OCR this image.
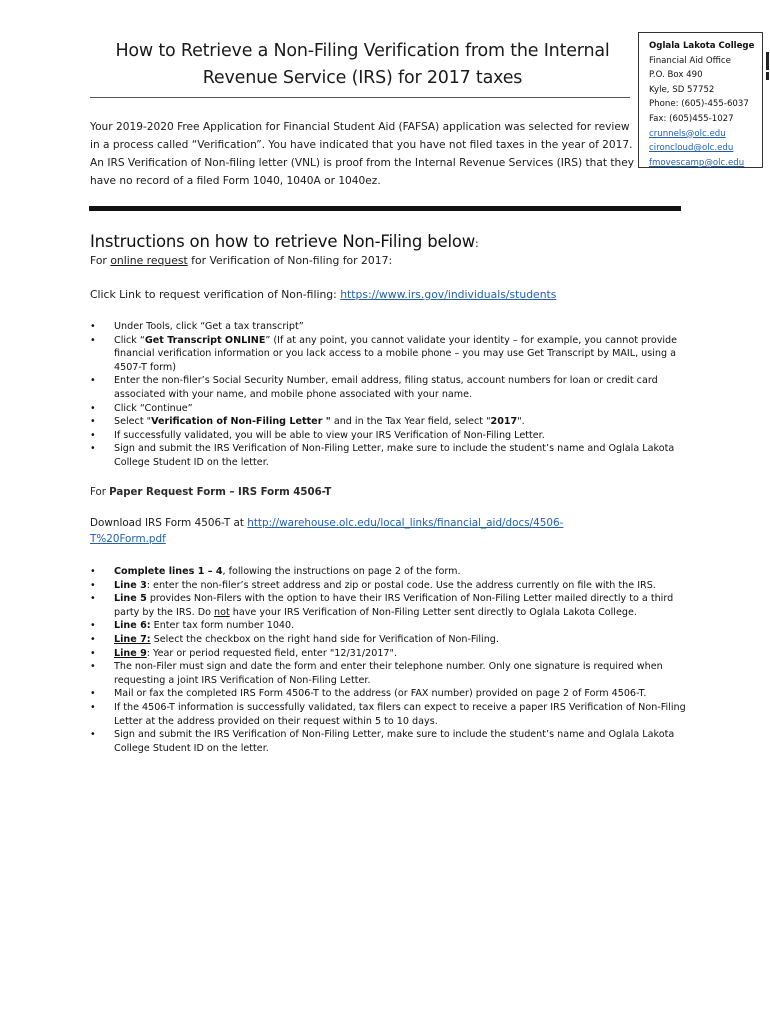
How to Retrieve a Non-Filing Verification from the Internal
Revenue Service (IRS) for 2017 taxes
Oglala Lakota College
Financial Aid Office
P.O. Box 490
Kyle, SD 57752
Phone: (605)-455-6037
Fax: (605)455-1027
crunnels@olc.edu
cironcloud@olc.edu
fmovescamp@olc.edu
Your 2019-2020 Free Application for Financial Student Aid (FAFSA) application was selected for review in a process called “Verification”. You have indicated that you have not filed taxes in the year of 2017. An IRS Verification of Non-filing letter (VNL) is proof from the Internal Revenue Services (IRS) that they have no record of a filed Form 1040, 1040A or 1040ez.
Instructions on how to retrieve Non-Filing below:
For online request for Verification of Non-filing for 2017:
Click Link to request verification of Non-filing: https://www.irs.gov/individuals/students
• Under Tools, click “Get a tax transcript”
• Click “Get Transcript ONLINE” (If at any point, you cannot validate your identity – for example, you cannot provide financial verification information or you lack access to a mobile phone – you may use Get Transcript by MAIL, using a 4507-T form)
• Enter the non-filer’s Social Security Number, email address, filing status, account numbers for loan or credit card associated with your name, and mobile phone associated with your name.
• Click “Continue”
• Select "Verification of Non-Filing Letter " and in the Tax Year field, select "2017".
• If successfully validated, you will be able to view your IRS Verification of Non-Filing Letter.
• Sign and submit the IRS Verification of Non-Filing Letter, make sure to include the student’s name and Oglala Lakota College Student ID on the letter.
For Paper Request Form – IRS Form 4506-T
Download IRS Form 4506-T at http://warehouse.olc.edu/local_links/financial_aid/docs/4506-T%20Form.pdf
• Complete lines 1 – 4, following the instructions on page 2 of the form.
• Line 3: enter the non-filer’s street address and zip or postal code. Use the address currently on file with the IRS.
• Line 5 provides Non-Filers with the option to have their IRS Verification of Non-Filing Letter mailed directly to a third party by the IRS. Do not have your IRS Verification of Non-Filing Letter sent directly to Oglala Lakota College.
• Line 6: Enter tax form number 1040.
• Line 7: Select the checkbox on the right hand side for Verification of Non-Filing.
• Line 9: Year or period requested field, enter "12/31/2017".
• The non-Filer must sign and date the form and enter their telephone number. Only one signature is required when requesting a joint IRS Verification of Non-Filing Letter.
• Mail or fax the completed IRS Form 4506-T to the address (or FAX number) provided on page 2 of Form 4506-T.
• If the 4506-T information is successfully validated, tax filers can expect to receive a paper IRS Verification of Non-Filing Letter at the address provided on their request within 5 to 10 days.
• Sign and submit the IRS Verification of Non-Filing Letter, make sure to include the student’s name and Oglala Lakota College Student ID on the letter.
